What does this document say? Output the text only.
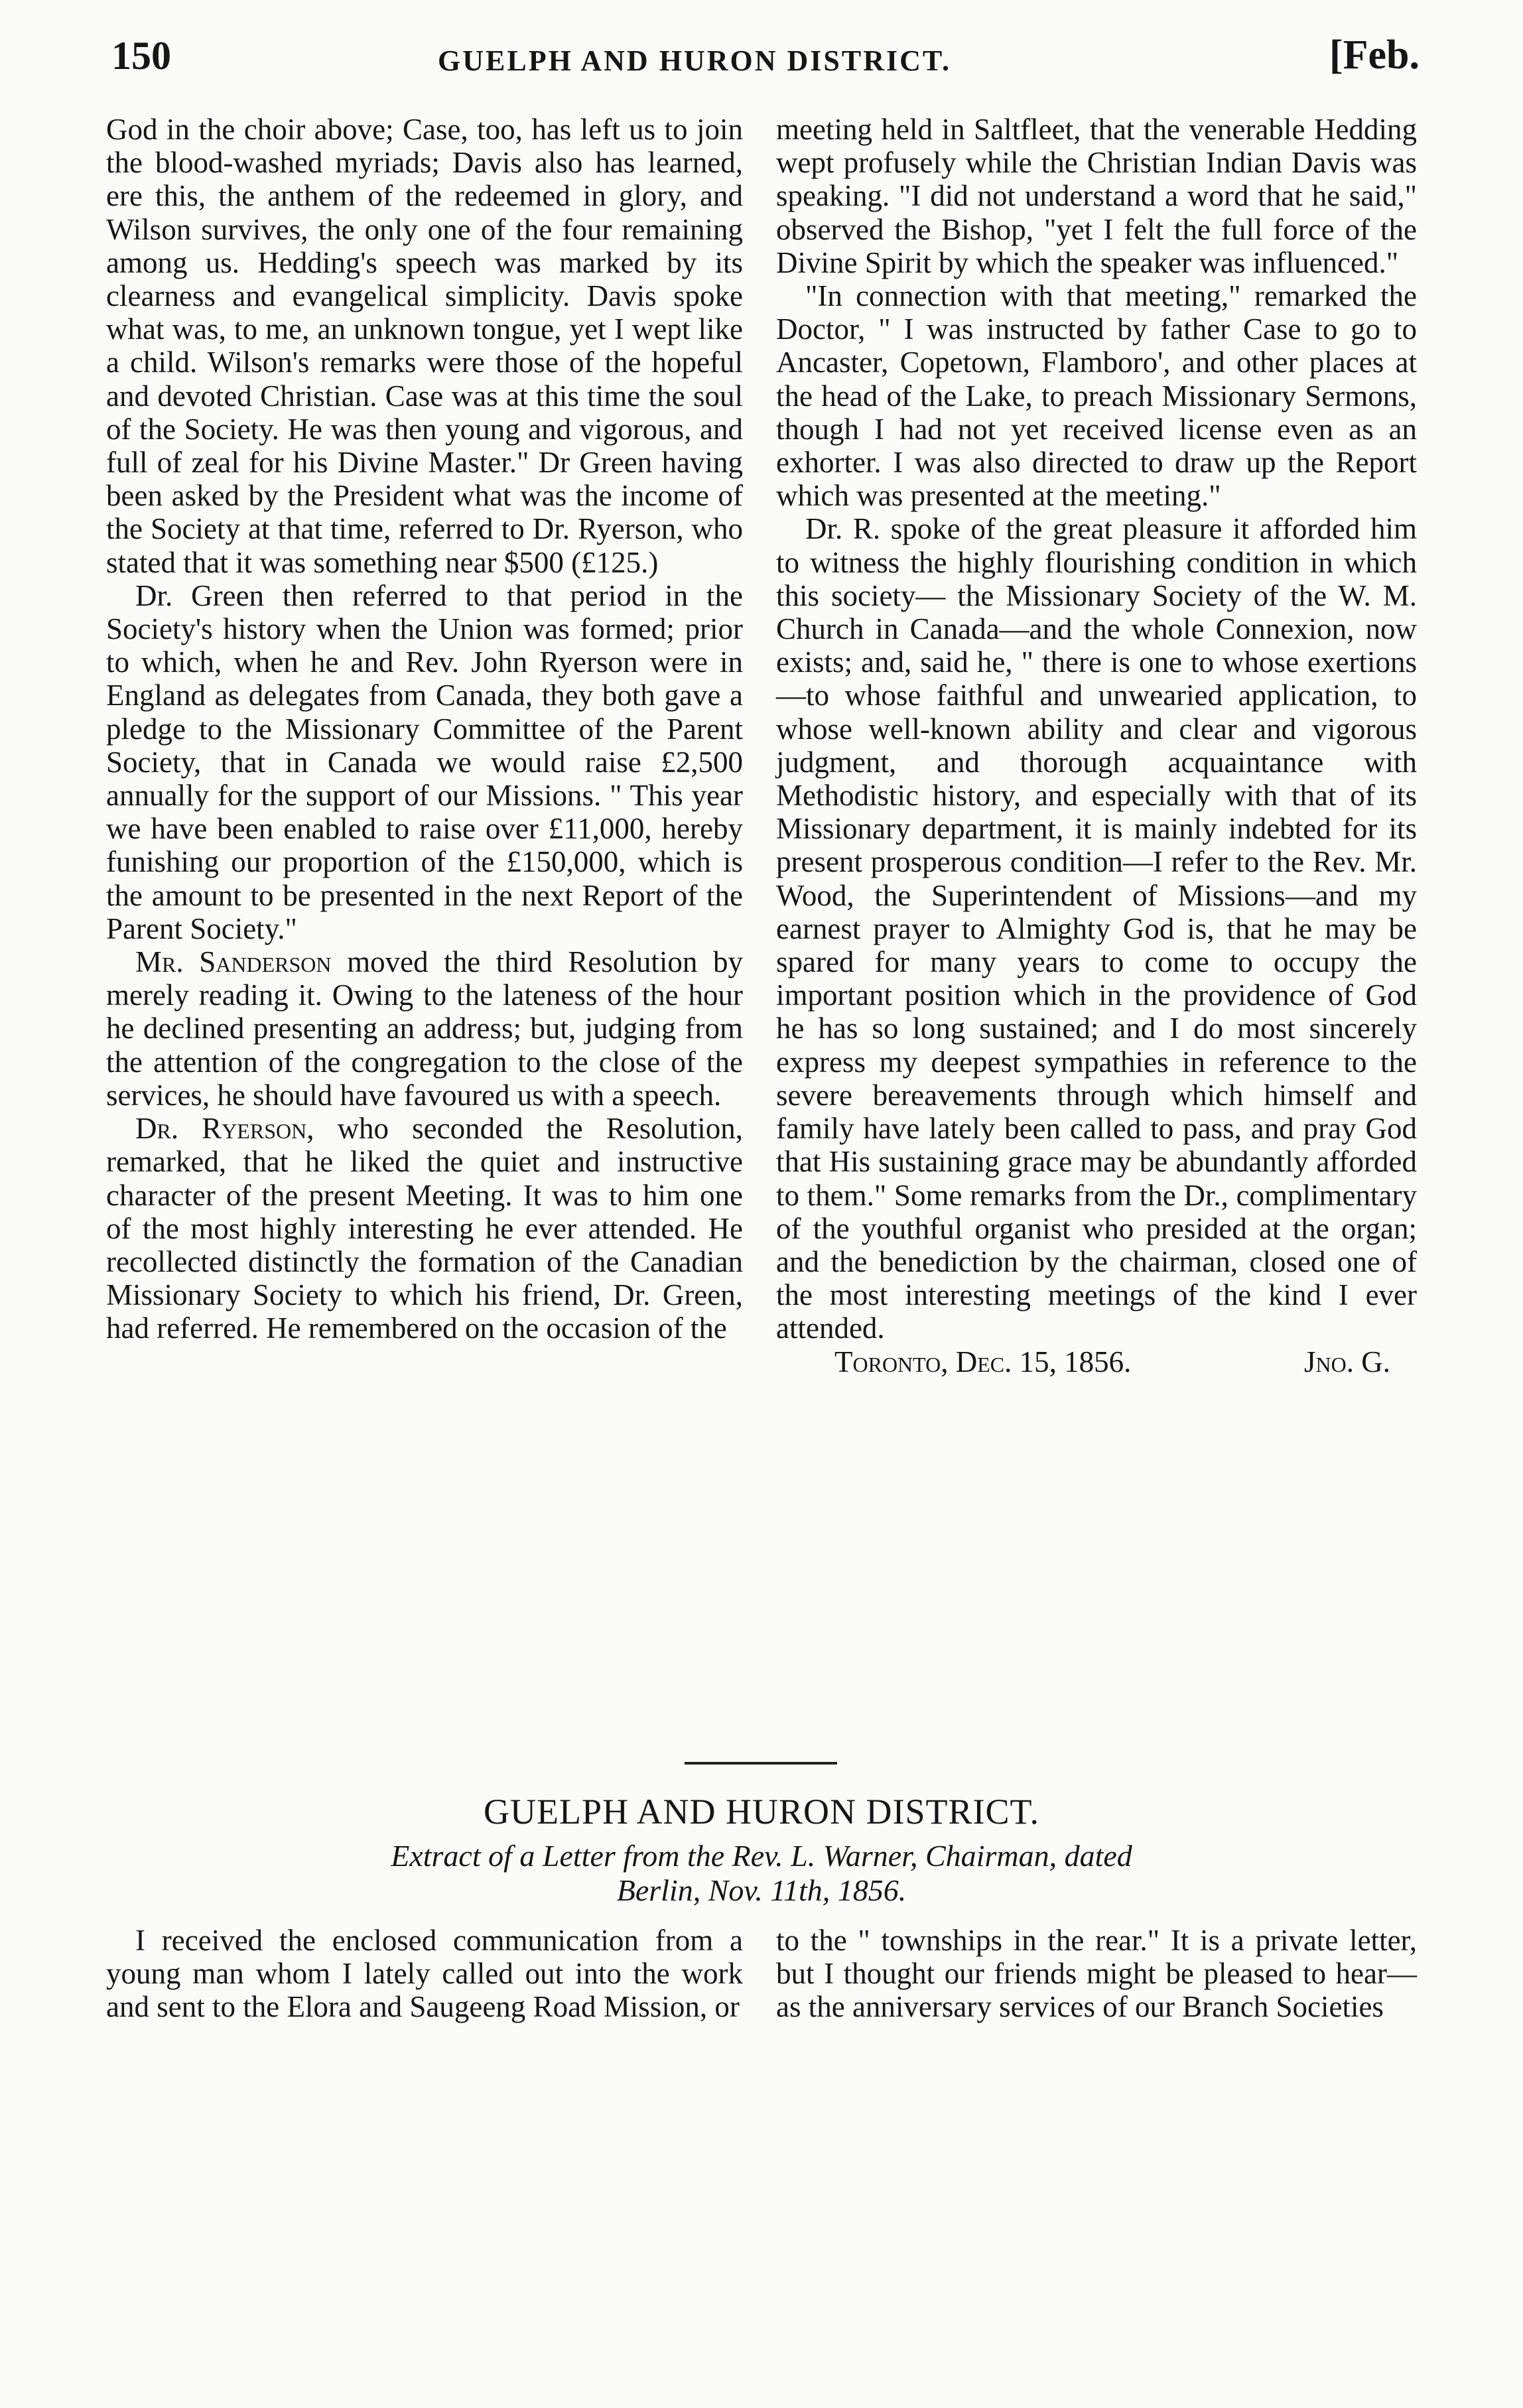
150	GUELPH AND HURON DISTRICT.	[Feb.

God in the choir above; Case, too, has left us to join the blood-washed myriads; Davis also has learned, ere this, the anthem of the redeemed in glory, and Wilson survives, the only one of the four remaining among us. Hedding's speech was marked by its clearness and evangelical simplicity. Davis spoke what was, to me, an unknown tongue, yet I wept like a child. Wilson's remarks were those of the hopeful and devoted Christian. Case was at this time the soul of the Society. He was then young and vigorous, and full of zeal for his Divine Master." Dr Green having been asked by the President what was the income of the Society at that time, referred to Dr. Ryerson, who stated that it was something near $500 (£125.)

Dr. Green then referred to that period in the Society's history when the Union was formed; prior to which, when he and Rev. John Ryerson were in England as delegates from Canada, they both gave a pledge to the Missionary Committee of the Parent Society, that in Canada we would raise £2,500 annually for the support of our Missions. " This year we have been enabled to raise over £11,000, hereby funishing our proportion of the £150,000, which is the amount to be presented in the next Report of the Parent Society."

Mr. Sanderson moved the third Resolution by merely reading it. Owing to the lateness of the hour he declined presenting an address; but, judging from the attention of the congregation to the close of the services, he should have favoured us with a speech.

Dr. Ryerson, who seconded the Resolution, remarked, that he liked the quiet and instructive character of the present Meeting. It was to him one of the most highly interesting he ever attended. He recollected distinctly the formation of the Canadian Missionary Society to which his friend, Dr. Green, had referred. He remembered on the occasion of the

meeting held in Saltfleet, that the venerable Hedding wept profusely while the Christian Indian Davis was speaking. "I did not understand a word that he said," observed the Bishop, "yet I felt the full force of the Divine Spirit by which the speaker was influenced."

"In connection with that meeting," remarked the Doctor, " I was instructed by father Case to go to Ancaster, Copetown, Flamboro', and other places at the head of the Lake, to preach Missionary Sermons, though I had not yet received license even as an exhorter. I was also directed to draw up the Report which was presented at the meeting."

Dr. R. spoke of the great pleasure it afforded him to witness the highly flourishing condition in which this society— the Missionary Society of the W. M. Church in Canada—and the whole Connexion, now exists; and, said he, " there is one to whose exertions—to whose faithful and unwearied application, to whose well-known ability and clear and vigorous judgment, and thorough acquaintance with Methodistic history, and especially with that of its Missionary department, it is mainly indebted for its present prosperous condition—I refer to the Rev. Mr. Wood, the Superintendent of Missions—and my earnest prayer to Almighty God is, that he may be spared for many years to come to occupy the important position which in the providence of God he has so long sustained; and I do most sincerely express my deepest sympathies in reference to the severe bereavements through which himself and family have lately been called to pass, and pray God that His sustaining grace may be abundantly afforded to them." Some remarks from the Dr., complimentary of the youthful organist who presided at the organ; and the benediction by the chairman, closed one of the most interesting meetings of the kind I ever attended.

Toronto, Dec. 15, 1856.	Jno. G.

GUELPH AND HURON DISTRICT.
Extract of a Letter from the Rev. L. Warner, Chairman, dated
Berlin, Nov. 11th, 1856.

I received the enclosed communication from a young man whom I lately called out into the work and sent to the Elora and Saugeeng Road Mission, or

to the " townships in the rear." It is a private letter, but I thought our friends might be pleased to hear—as the anniversary services of our Branch Societies
